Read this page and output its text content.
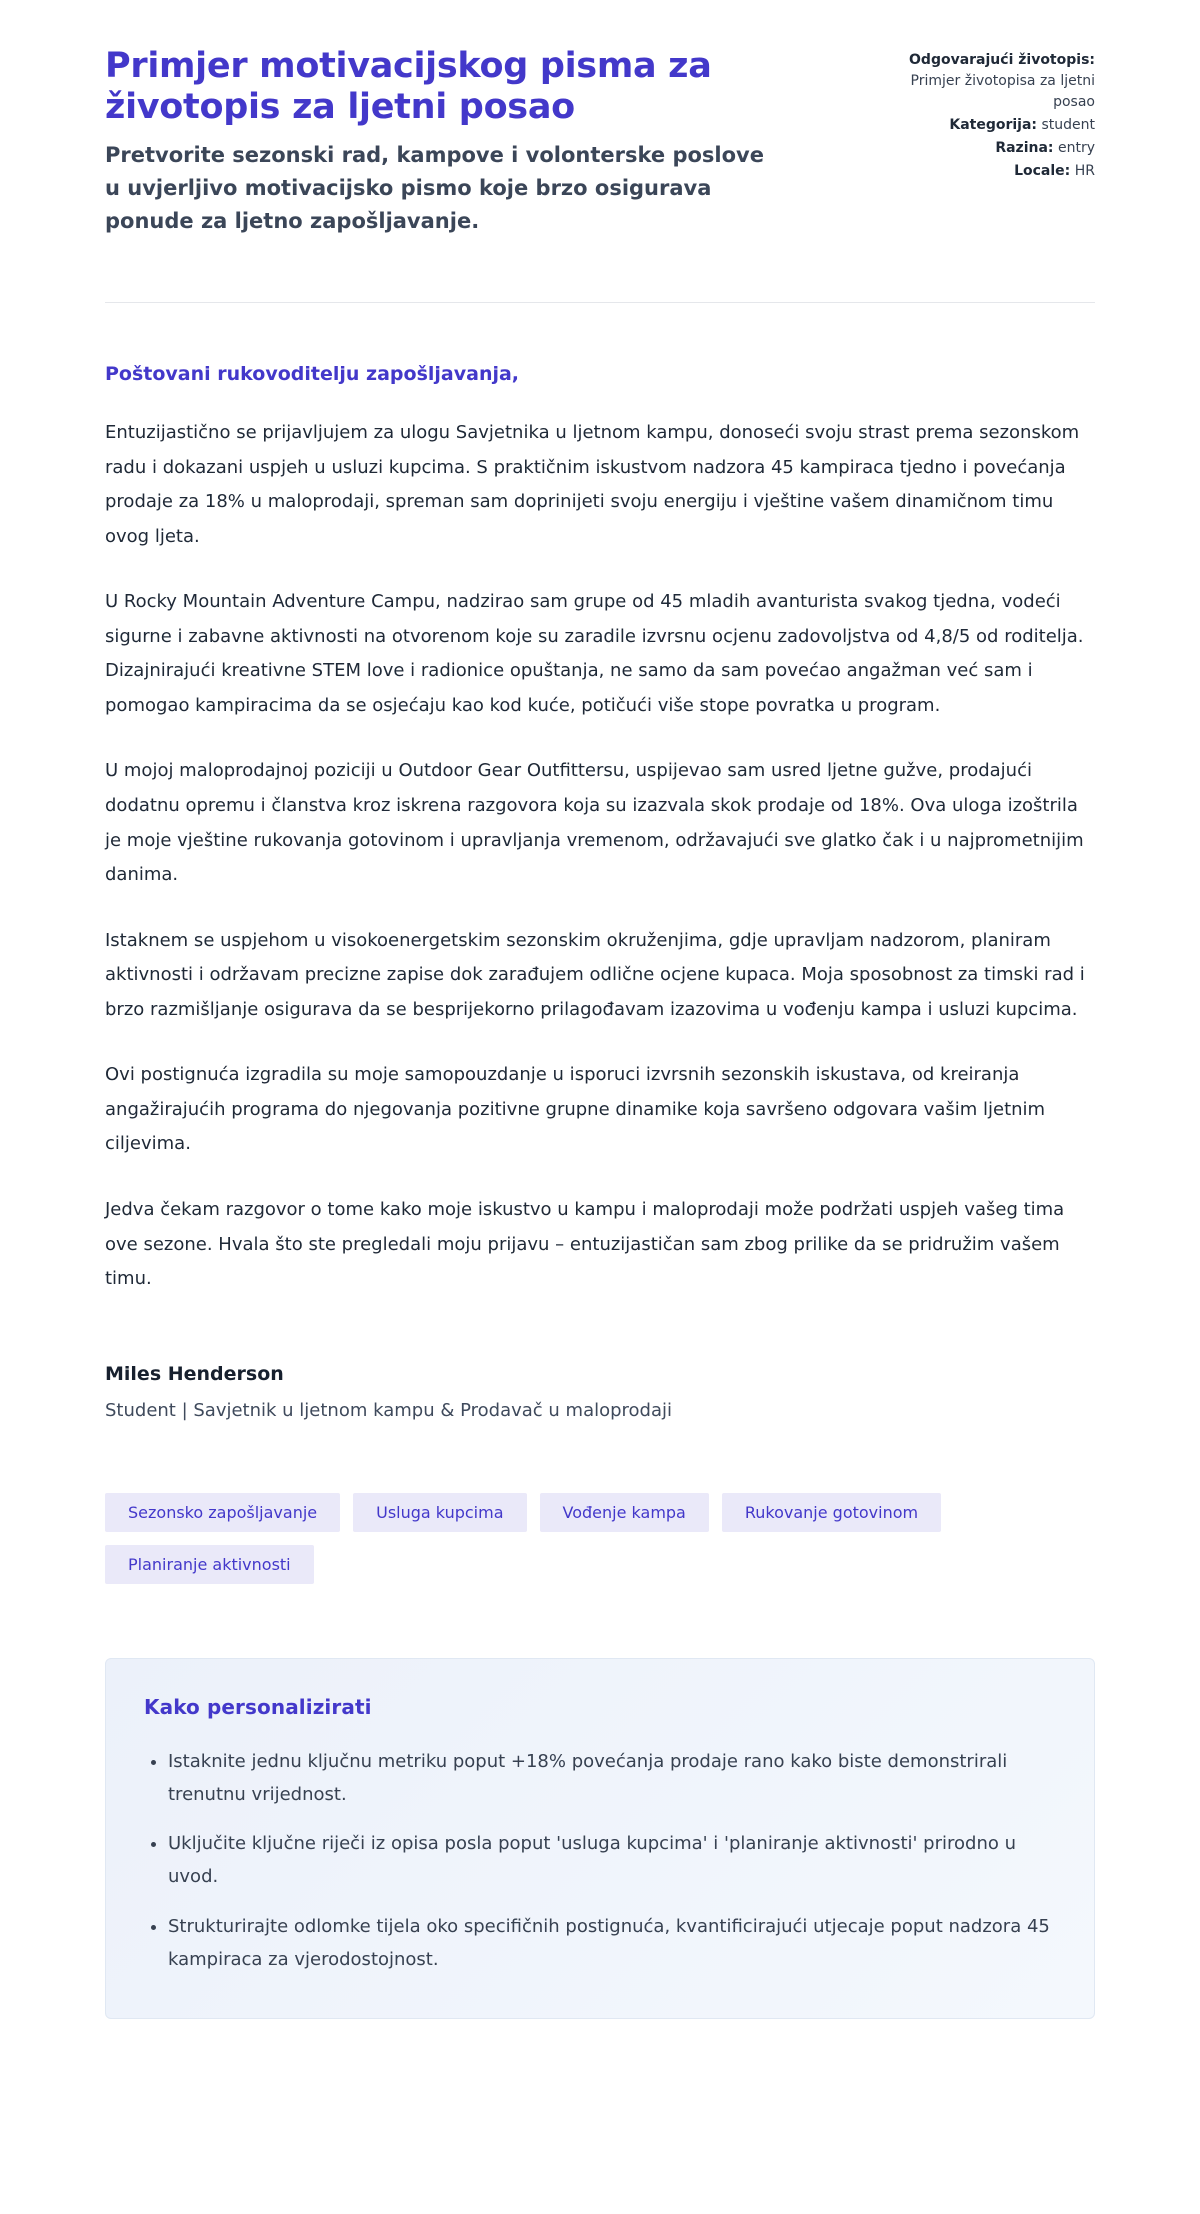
Primjer motivacijskog pisma za životopis za ljetni posao

Pretvorite sezonski rad, kampove i volonterske poslove u uvjerljivo motivacijsko pismo koje brzo osigurava ponude za ljetno zapošljavanje.

Odgovarajući životopis: Primjer životopisa za ljetni posao
Kategorija: student
Razina: entry
Locale: HR

Poštovani rukovoditelju zapošljavanja,

Entuzijastično se prijavljujem za ulogu Savjetnika u ljetnom kampu, donoseći svoju strast prema sezonskom radu i dokazani uspjeh u usluzi kupcima. S praktičnim iskustvom nadzora 45 kampiraca tjedno i povećanja prodaje za 18% u maloprodaji, spreman sam doprinijeti svoju energiju i vještine vašem dinamičnom timu ovog ljeta.

U Rocky Mountain Adventure Campu, nadzirao sam grupe od 45 mladih avanturista svakog tjedna, vodeći sigurne i zabavne aktivnosti na otvorenom koje su zaradile izvrsnu ocjenu zadovoljstva od 4,8/5 od roditelja. Dizajnirajući kreativne STEM love i radionice opuštanja, ne samo da sam povećao angažman već sam i pomogao kampiracima da se osjećaju kao kod kuće, potičući više stope povratka u program.

U mojoj maloprodajnoj poziciji u Outdoor Gear Outfittersu, uspijevao sam usred ljetne gužve, prodajući dodatnu opremu i članstva kroz iskrena razgovora koja su izazvala skok prodaje od 18%. Ova uloga izoštrila je moje vještine rukovanja gotovinom i upravljanja vremenom, održavajući sve glatko čak i u najprometnijim danima.

Istaknem se uspjehom u visokoenergetskim sezonskim okruženjima, gdje upravljam nadzorom, planiram aktivnosti i održavam precizne zapise dok zarađujem odlične ocjene kupaca. Moja sposobnost za timski rad i brzo razmišljanje osigurava da se besprijekorno prilagođavam izazovima u vođenju kampa i usluzi kupcima.

Ovi postignuća izgradila su moje samopouzdanje u isporuci izvrsnih sezonskih iskustava, od kreiranja angažirajućih programa do njegovanja pozitivne grupne dinamike koja savršeno odgovara vašim ljetnim ciljevima.

Jedva čekam razgovor o tome kako moje iskustvo u kampu i maloprodaji može podržati uspjeh vašeg tima ove sezone. Hvala što ste pregledali moju prijavu – entuzijastičan sam zbog prilike da se pridružim vašem timu.

Miles Henderson

Student | Savjetnik u ljetnom kampu & Prodavač u maloprodaji

Sezonsko zapošljavanje	Usluga kupcima	Vođenje kampa	Rukovanje gotovinom
Planiranje aktivnosti
Kako personalizirati
• Istaknite jednu ključnu metriku poput +18% povećanja prodaje rano kako biste demonstrirali trenutnu vrijednost.
• Uključite ključne riječi iz opisa posla poput 'usluga kupcima' i 'planiranje aktivnosti' prirodno u uvod.
• Strukturirajte odlomke tijela oko specifičnih postignuća, kvantificirajući utjecaje poput nadzora 45 kampiraca za vjerodostojnost.
